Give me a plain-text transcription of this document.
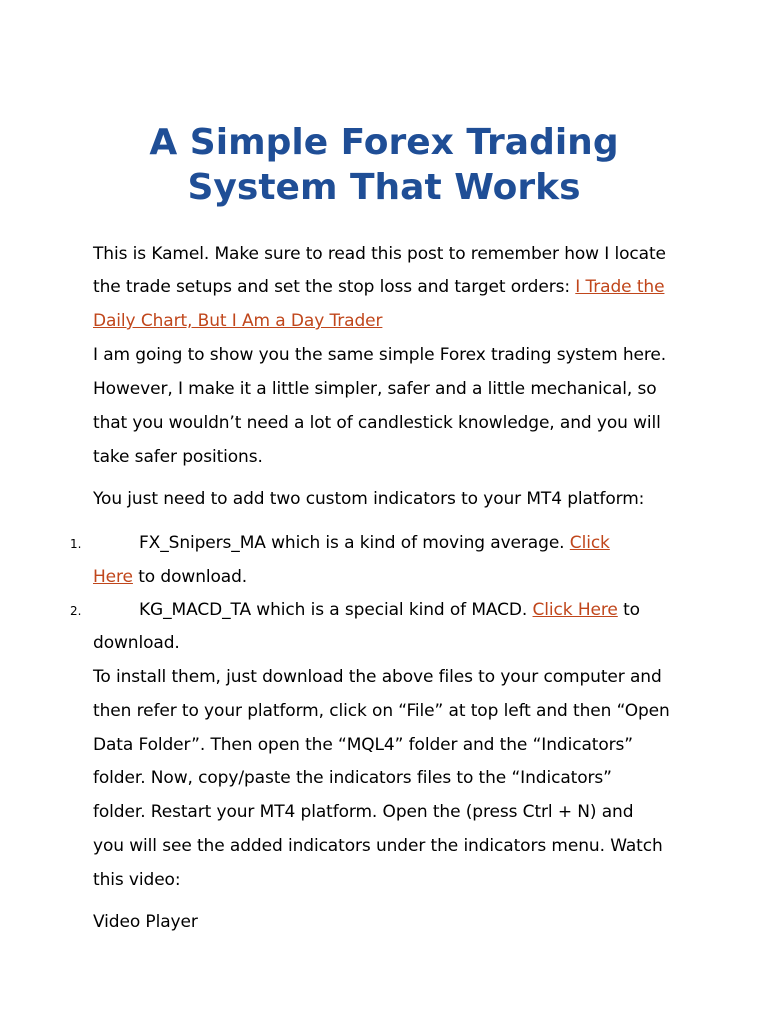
A Simple Forex Trading
System That Works
This is Kamel. Make sure to read this post to remember how I locate
the trade setups and set the stop loss and target orders: I Trade the
Daily Chart, But I Am a Day Trader
I am going to show you the same simple Forex trading system here.
However, I make it a little simpler, safer and a little mechanical, so
that you wouldn’t need a lot of candlestick knowledge, and you will
take safer positions.
You just need to add two custom indicators to your MT4 platform:
1.	FX_Snipers_MA which is a kind of moving average. Click
Here to download.
2.	KG_MACD_TA which is a special kind of MACD. Click Here to
download.
To install them, just download the above files to your computer and
then refer to your platform, click on “File” at top left and then “Open
Data Folder”. Then open the “MQL4” folder and the “Indicators”
folder. Now, copy/paste the indicators files to the “Indicators”
folder. Restart your MT4 platform. Open the (press Ctrl + N) and
you will see the added indicators under the indicators menu. Watch
this video:
Video Player
